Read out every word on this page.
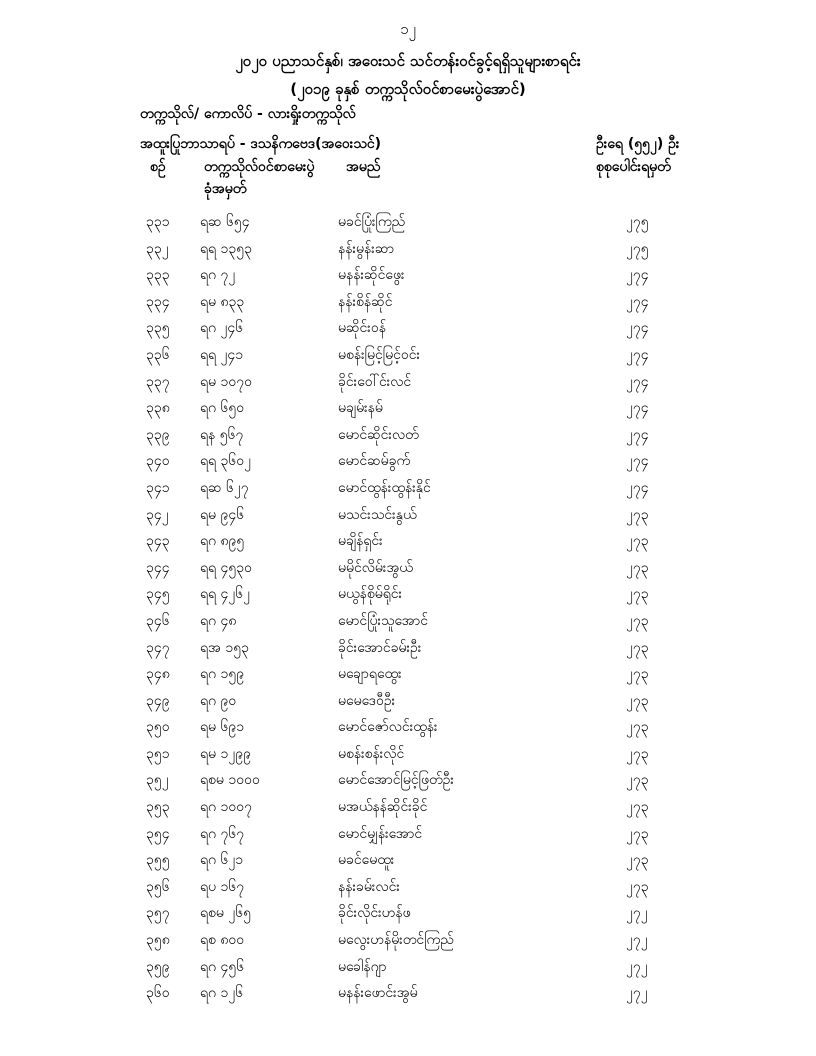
၁၂
၂၀၂၀ ပညာသင်နှစ်၊ အဝေးသင် သင်တန်းဝင်ခွင့်ရရှိသူများစာရင်း
(၂၀၁၉ ခုနှစ် တက္ကသိုလ်ဝင်စာမေးပွဲအောင်)
တက္ကသိုလ်/ ကောလိပ် - လားရှိုးတက္ကသိုလ်
အထူးပြုဘာသာရပ် - ဒသနိကဗေဒ(အဝေးသင်)	ဦးရေ (၅၅၂) ဦး
စဉ်	တက္ကသိုလ်ဝင်စာမေးပွဲ ခုံအမှတ်
အမည်	စုစုပေါင်းရမှတ်
၃၃၁ ရဆ ၆၅၄	မခင်ပြုံးကြည်	၂၇၅
၃၃၂ ရရ ၁၃၅၃	နန်းမွန်းဆာ	၂၇၅
၃၃၃ ရဂ ၇၂	မနန်းဆိုင်ဖွေး	၂၇၄
၃၃၄ ရမ ၈၃၃	နန်းစိန်ဆိုင်	၂၇၄
၃၃၅ ရဂ ၂၄၆	မဆိုင်းဝန်	၂၇၄
၃၃၆ ရရ ၂၄၁	မစန်းမြင့်မြင့်ဝင်း	၂၇၄
၃၃၇ ရမ ၁၀၇၀	ခိုင်းဝေါ်င်းလင်	၂၇၄
၃၃၈ ရဂ ၆၅၀	မချမ်းနမ်	၂၇၄
၃၃၉ ရန ၅၆၇	မောင်ဆိုင်းလတ်	၂၇၄
၃၄၀ ရရ ၃၆၀၂	မောင်ဆမ်ခွက်	၂၇၄
၃၄၁ ရဆ ၆၂၇	မောင်ထွန်းထွန်းနိုင်	၂၇၄
၃၄၂ ရမ ၉၄၆	မသင်းသင်းနွယ်	၂၇၃
၃၄၃ ရဂ ၈၉၅	မချိန်ရှင်း	၂၇၃
၃၄၄ ရရ ၄၅၃၀	မမိုင်လိမ်းအွယ်	၂၇၃
၃၄၅ ရရ ၄၂၆၂	မယွန်စိုမ်ရိုင်း	၂၇၃
၃၄၆ ရဂ ၄၈	မောင်ပြုံးသူအောင်	၂၇၃
၃၄၇ ရအ ၁၅၃	ခိုင်းအောင်ခမ်းဦး	၂၇၃
၃၄၈ ရဂ ၁၅၉	မချောရထွေး	၂၇၃
၃၄၉ ရဂ ၉၀	မမေဒေဝီဦး	၂၇၃
၃၅၀ ရမ ၆၉၁	မောင်ဇော်လင်းထွန်း	၂၇၃
၃၅၁ ရမ ၁၂၉၉	မစန်းစန်းလိုင်	၂၇၃
၃၅၂ ရစမ ၁၀၀၀	မောင်အောင်မြင့်ဖြတ်ဦး	၂၇၃
၃၅၃ ရဂ ၁၀၀၇	မအယ်နန်ဆိုင်းခိုင်	၂၇၃
၃၅၄ ရဂ ၇၆၇	မောင်မျှန်းအောင်	၂၇၃
၃၅၅ ရဂ ၆၂၁	မခင်မေထူး	၂၇၃
၃၅၆ ရပ ၁၆၇	နန်းခမ်းလင်း	၂၇၃
၃၅၇ ရစမ ၂၆၅	ခိုင်းလိုင်းဟန်ဖ	၂၇၂
၃၅၈ ရစ ၈၀၀	မလွေးဟန်မိုးတင်ကြည်	၂၇၂
၃၅၉ ရဂ ၄၅၆	မခေါန်ဂျာ	၂၇၂
၃၆၀ ရဂ ၁၂၆	မနန်းဖောင်းအွမ်	၂၇၂
